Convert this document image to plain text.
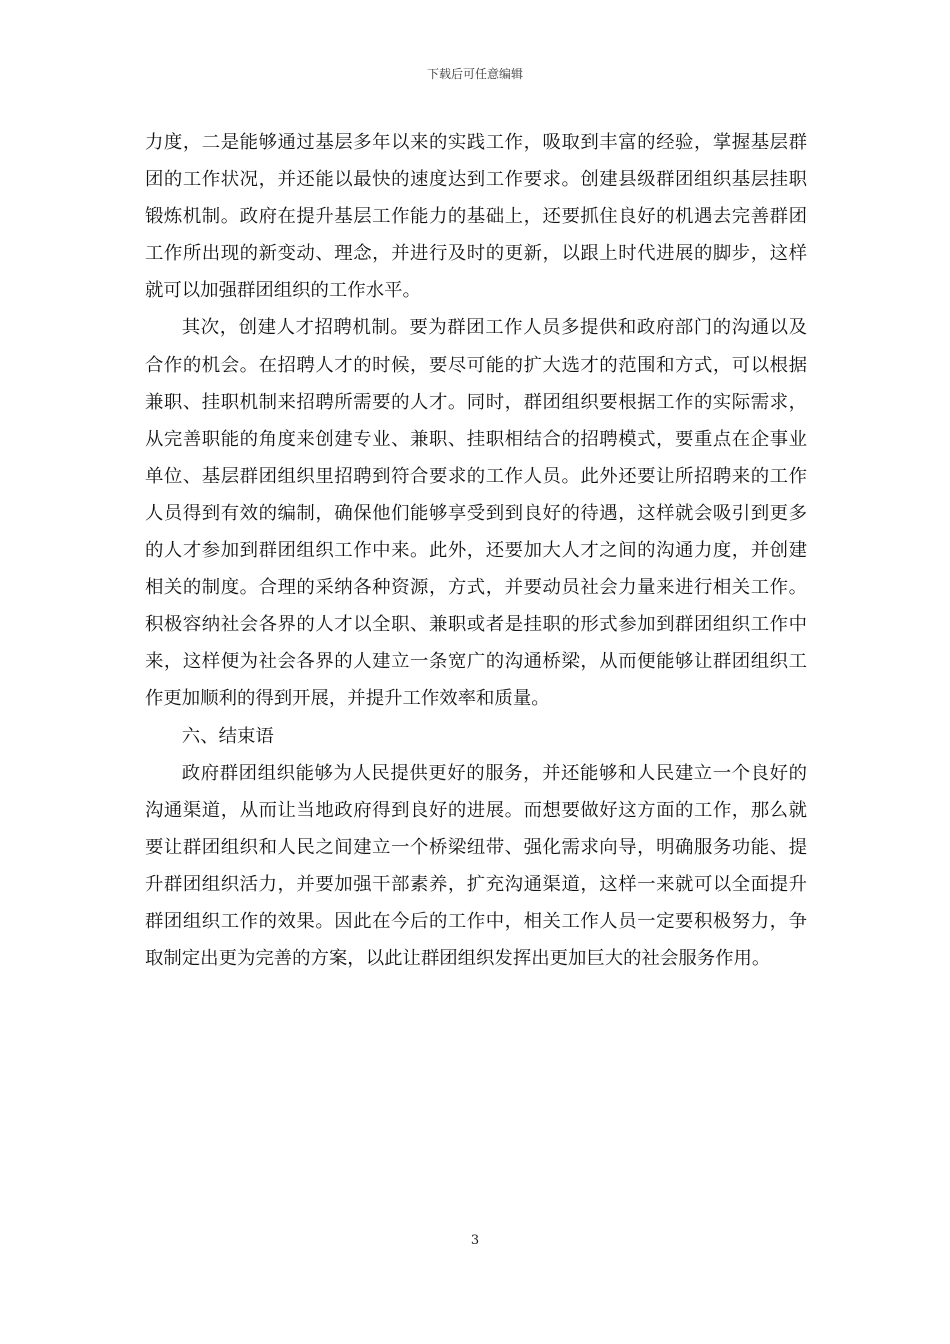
下载后可任意编辑

力度，二是能够通过基层多年以来的实践工作，吸取到丰富的经验，掌握基层群团的工作状况，并还能以最快的速度达到工作要求。创建县级群团组织基层挂职锻炼机制。政府在提升基层工作能力的基础上，还要抓住良好的机遇去完善群团工作所出现的新变动、理念，并进行及时的更新，以跟上时代进展的脚步，这样就可以加强群团组织的工作水平。

其次，创建人才招聘机制。要为群团工作人员多提供和政府部门的沟通以及合作的机会。在招聘人才的时候，要尽可能的扩大选才的范围和方式，可以根据兼职、挂职机制来招聘所需要的人才。同时，群团组织要根据工作的实际需求，从完善职能的角度来创建专业、兼职、挂职相结合的招聘模式，要重点在企事业单位、基层群团组织里招聘到符合要求的工作人员。此外还要让所招聘来的工作人员得到有效的编制，确保他们能够享受到到良好的待遇，这样就会吸引到更多的人才参加到群团组织工作中来。此外，还要加大人才之间的沟通力度，并创建相关的制度。合理的采纳各种资源，方式，并要动员社会力量来进行相关工作。积极容纳社会各界的人才以全职、兼职或者是挂职的形式参加到群团组织工作中来，这样便为社会各界的人建立一条宽广的沟通桥梁，从而便能够让群团组织工作更加顺利的得到开展，并提升工作效率和质量。

六、结束语

政府群团组织能够为人民提供更好的服务，并还能够和人民建立一个良好的沟通渠道，从而让当地政府得到良好的进展。而想要做好这方面的工作，那么就要让群团组织和人民之间建立一个桥梁纽带、强化需求向导，明确服务功能、提升群团组织活力，并要加强干部素养，扩充沟通渠道，这样一来就可以全面提升群团组织工作的效果。因此在今后的工作中，相关工作人员一定要积极努力，争取制定出更为完善的方案，以此让群团组织发挥出更加巨大的社会服务作用。

3
